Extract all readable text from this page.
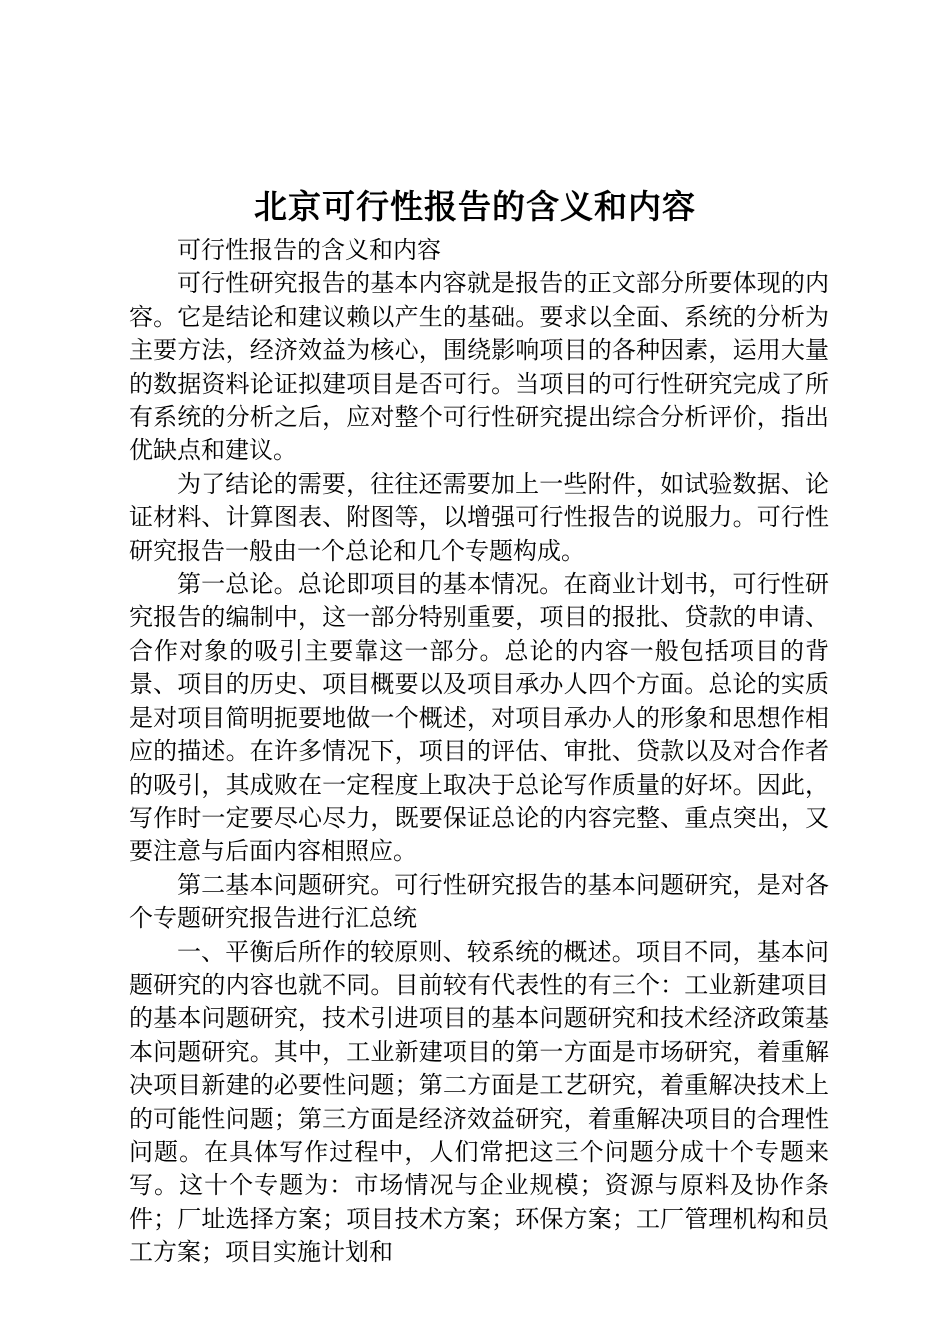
北京可行性报告的含义和内容

可行性报告的含义和内容

可行性研究报告的基本内容就是报告的正文部分所要体现的内容。它是结论和建议赖以产生的基础。要求以全面、系统的分析为主要方法，经济效益为核心，围绕影响项目的各种因素，运用大量的数据资料论证拟建项目是否可行。当项目的可行性研究完成了所有系统的分析之后，应对整个可行性研究提出综合分析评价，指出优缺点和建议。

为了结论的需要，往往还需要加上一些附件，如试验数据、论证材料、计算图表、附图等，以增强可行性报告的说服力。可行性研究报告一般由一个总论和几个专题构成。

第一总论。总论即项目的基本情况。在商业计划书，可行性研究报告的编制中，这一部分特别重要，项目的报批、贷款的申请、合作对象的吸引主要靠这一部分。总论的内容一般包括项目的背景、项目的历史、项目概要以及项目承办人四个方面。总论的实质是对项目简明扼要地做一个概述，对项目承办人的形象和思想作相应的描述。在许多情况下，项目的评估、审批、贷款以及对合作者的吸引，其成败在一定程度上取决于总论写作质量的好坏。因此，写作时一定要尽心尽力，既要保证总论的内容完整、重点突出，又要注意与后面内容相照应。

第二基本问题研究。可行性研究报告的基本问题研究，是对各个专题研究报告进行汇总统

一、平衡后所作的较原则、较系统的概述。项目不同，基本问题研究的内容也就不同。目前较有代表性的有三个：工业新建项目的基本问题研究，技术引进项目的基本问题研究和技术经济政策基本问题研究。其中，工业新建项目的第一方面是市场研究，着重解决项目新建的必要性问题；第二方面是工艺研究，着重解决技术上的可能性问题；第三方面是经济效益研究，着重解决项目的合理性问题。在具体写作过程中，人们常把这三个问题分成十个专题来写。这十个专题为：市场情况与企业规模；资源与原料及协作条件；厂址选择方案；项目技术方案；环保方案；工厂管理机构和员工方案；项目实施计划和
